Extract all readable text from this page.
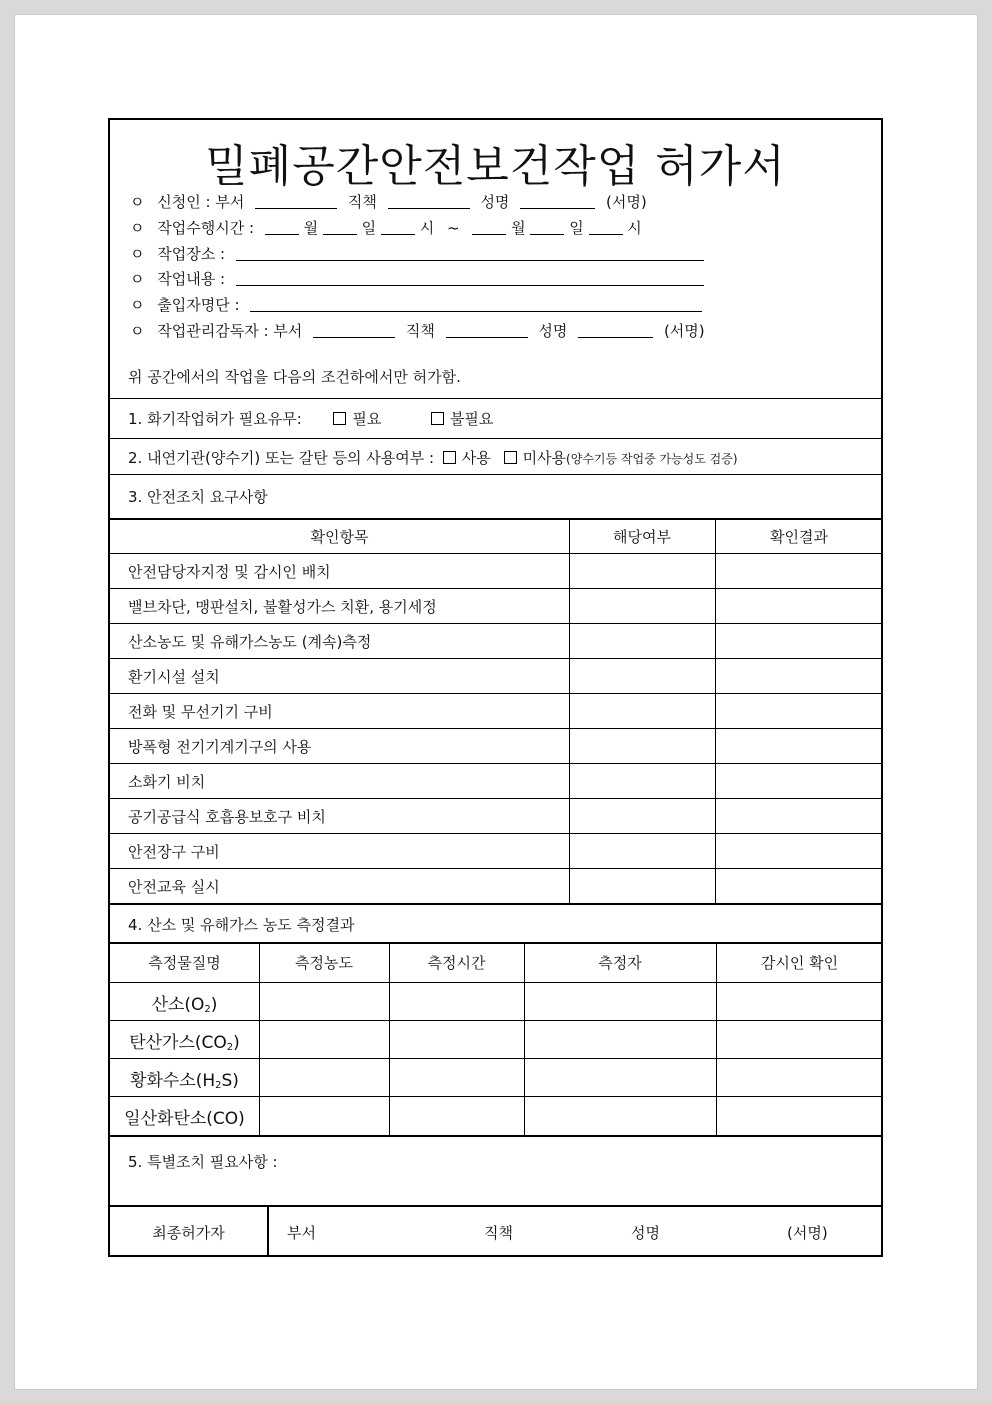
밀폐공간안전보건작업 허가서
ㅇ 신청인 : 부서	직책	성명	(서명)
ㅇ 작업수행시간 :	월	일	시 ~	월	일	시
ㅇ 작업장소 :
ㅇ 작업내용 :
ㅇ 출입자명단 :
ㅇ 작업관리감독자 : 부서	직책	성명	(서명)
위 공간에서의 작업을 다음의 조건하에서만 허가함.
1. 화기작업허가 필요유무:	필요	불필요
2. 내연기관(양수기) 또는 갈탄 등의 사용여부 : 사용 미사용(양수기등 작업중 가능성도 검증)
3. 안전조치 요구사항
확인항목	해당여부	확인결과
안전담당자지정 및 감시인 배치
밸브차단, 맹판설치, 불활성가스 치환, 용기세정
산소농도 및 유해가스농도 (계속)측정
환기시설 설치
전화 및 무선기기 구비
방폭형 전기기계기구의 사용
소화기 비치
공기공급식 호흡용보호구 비치
안전장구 구비
안전교육 실시
4. 산소 및 유해가스 농도 측정결과
측정물질명	측정농도	측정시간	측정자	감시인 확인
산소$(O_2)$
탄산가스$(CO_2)$
황화수소$(H_2S)$
일산화탄소(CO)
5. 특별조치 필요사항 :
최종허가자	부서	직책	성명	(서명)
